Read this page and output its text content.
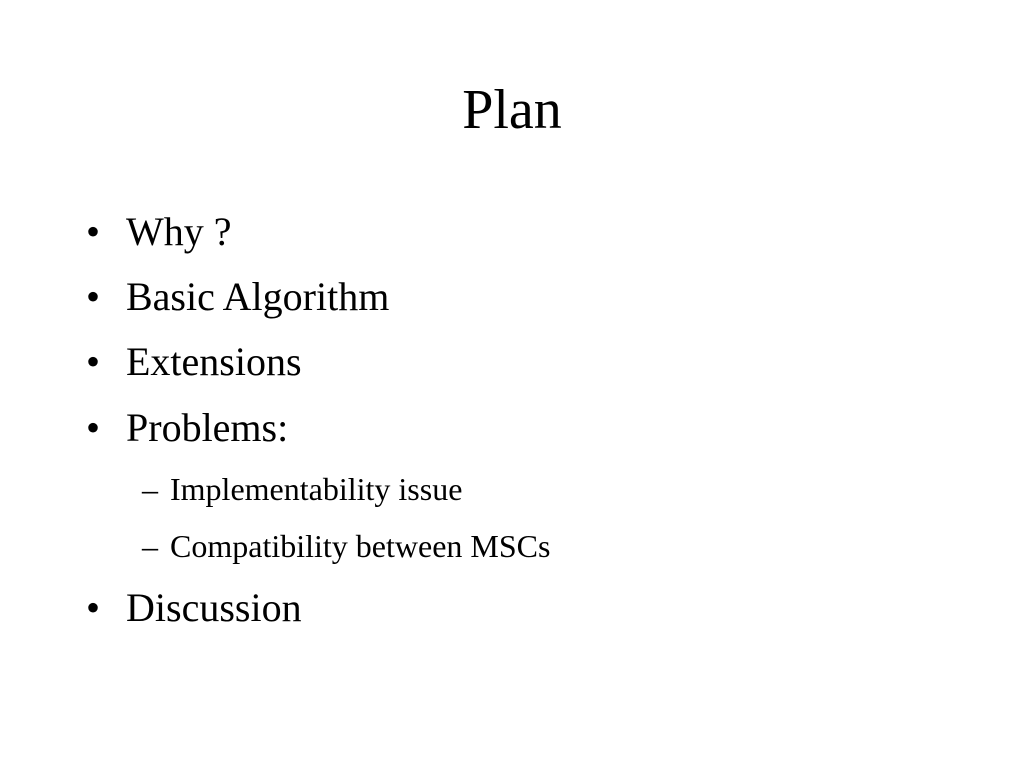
Plan
• Why ?
• Basic Algorithm
• Extensions
• Problems:
– Implementability issue
– Compatibility between MSCs
• Discussion
